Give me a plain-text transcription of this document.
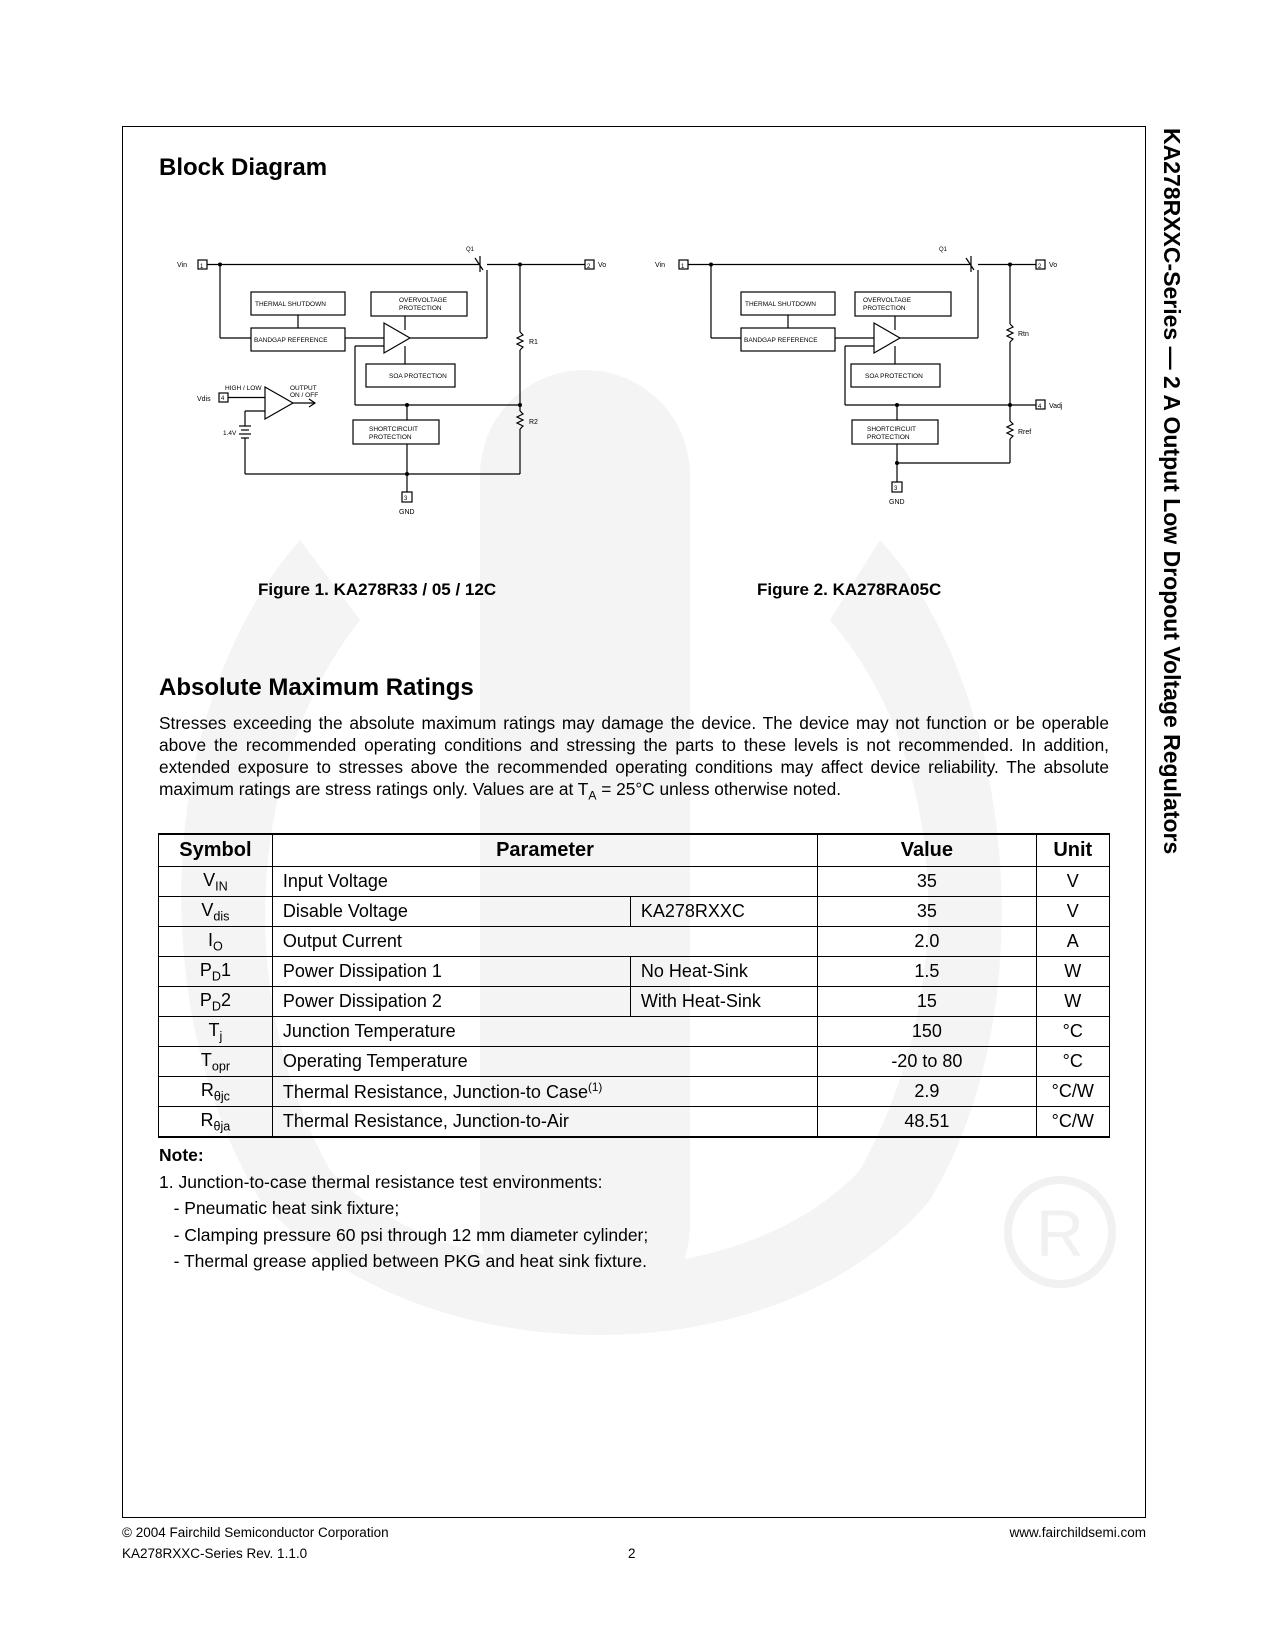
R
KA278RXXC-Series — 2 A Output Low Dropout Voltage Regulators
Block Diagram
Vin 1
Q1
2 Vo
THERMAL SHUTDOWN
OVERVOLTAGE
PROTECTION
BANDGAP REFERENCE
SOA PROTECTION
R1
R2
HIGH / LOW	OUTPUT
ON / OFF
Vdis 4
1.4V
SHORTCIRCUIT
PROTECTION
3
GND
Figure 1. KA278R33 / 05 / 12C
Vin	1
Q1
2 Vo
THERMAL SHUTDOWN
OVERVOLTAGE
PROTECTION
BANDGAP REFERENCE
SOA PROTECTION
Rtn
4 Vadj
Rref
SHORTCIRCUIT
PROTECTION
3
GND
Figure 2. KA278RA05C
Absolute Maximum Ratings
Stresses exceeding the absolute maximum ratings may damage the device. The device may not function or be operable above the recommended operating conditions and stressing the parts to these levels is not recommended. In addition, extended exposure to stresses above the recommended operating conditions may affect device reliability. The absolute maximum ratings are stress ratings only. Values are at $T_A = 25^\circ C$ unless otherwise noted.
Symbol	Parameter		Value	Unit
$V_{IN}$	Input Voltage		35	V
$V_{dis}$	Disable Voltage	KA278RXXC	35	V
$I_O$	Output Current		2.0	A
$P_D1$	Power Dissipation 1	No Heat-Sink	1.5	W
$P_D2$	Power Dissipation 2	With Heat-Sink	15	W
$T_j$	Junction Temperature		150	°C
$T_{opr}$	Operating Temperature		-20 to 80	°C
$R_{\theta jc}$	Thermal Resistance, Junction-to Case$^{(1)}$		2.9	°C/W
$R_{\theta ja}$	Thermal Resistance, Junction-to-Air		48.51	°C/W
Note:
1. Junction-to-case thermal resistance test environments:
- Pneumatic heat sink fixture;
- Clamping pressure 60 psi through 12 mm diameter cylinder;
- Thermal grease applied between PKG and heat sink fixture.
© 2004 Fairchild Semiconductor Corporation
KA278RXXC-Series Rev. 1.1.0	2
www.fairchildsemi.com
